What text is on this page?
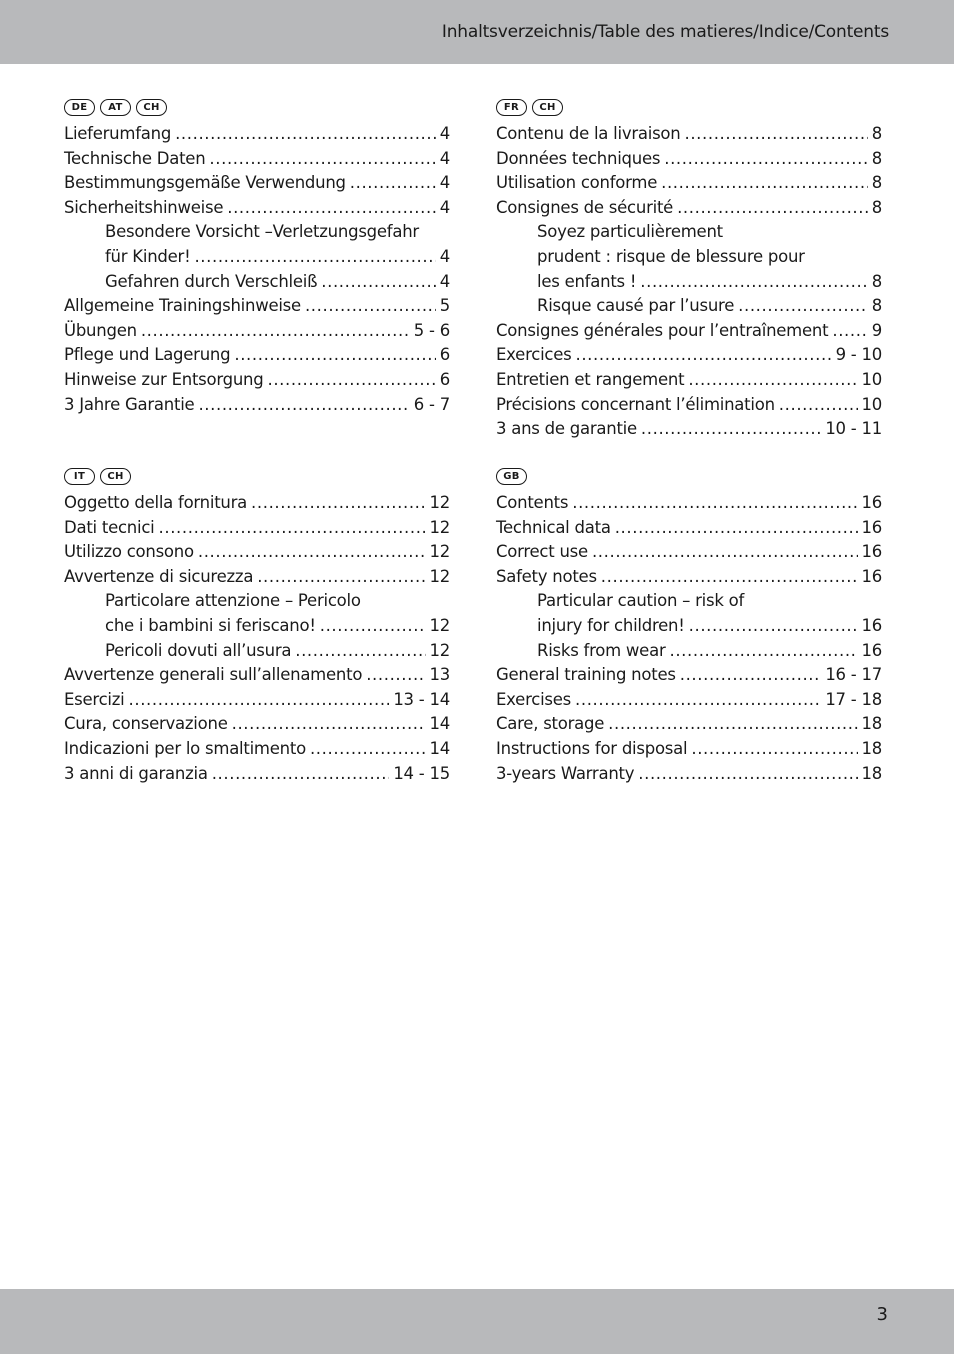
Inhaltsverzeichnis/Table des matieres/Indice/Contents
DE	AT	CH
Lieferumfang .....	4
Technische Daten .....	4
Bestimmungsgemäße Verwendung .....	4
Sicherheitshinweise .....	4
Besondere Vorsicht –Verletzungsgefahr
für Kinder! .....	4
Gefahren durch Verschleiß .....	4
Allgemeine Trainingshinweise .....	5
Übungen .....	5 - 6
Pflege und Lagerung .....	6
Hinweise zur Entsorgung .....	6
3 Jahre Garantie .....	6 - 7
FR	CH
Contenu de la livraison .....	8
Données techniques .....	8
Utilisation conforme .....	8
Consignes de sécurité .....	8
Soyez particulièrement
prudent : risque de blessure pour
les enfants ! .....	8
Risque causé par l’usure .....	8
Consignes générales pour l’entraînement .....	9
Exercices .....	9 - 10
Entretien et rangement .....	10
Précisions concernant l’élimination .....	10
3 ans de garantie .....	10 - 11
IT	CH
Oggetto della fornitura .....	12
Dati tecnici .....	12
Utilizzo consono .....	12
Avvertenze di sicurezza .....	12
Particolare attenzione – Pericolo
che i bambini si feriscano! .....	12
Pericoli dovuti all’usura .....	12
Avvertenze generali sull’allenamento .....	13
Esercizi .....	13 - 14
Cura, conservazione .....	14
Indicazioni per lo smaltimento .....	14
3 anni di garanzia .....	14 - 15
GB
Contents .....	16
Technical data .....	16
Correct use .....	16
Safety notes .....	16
Particular caution – risk of
injury for children! .....	16
Risks from wear .....	16
General training notes .....	16 - 17
Exercises .....	17 - 18
Care, storage .....	18
Instructions for disposal .....	18
3-years Warranty .....	18
3
